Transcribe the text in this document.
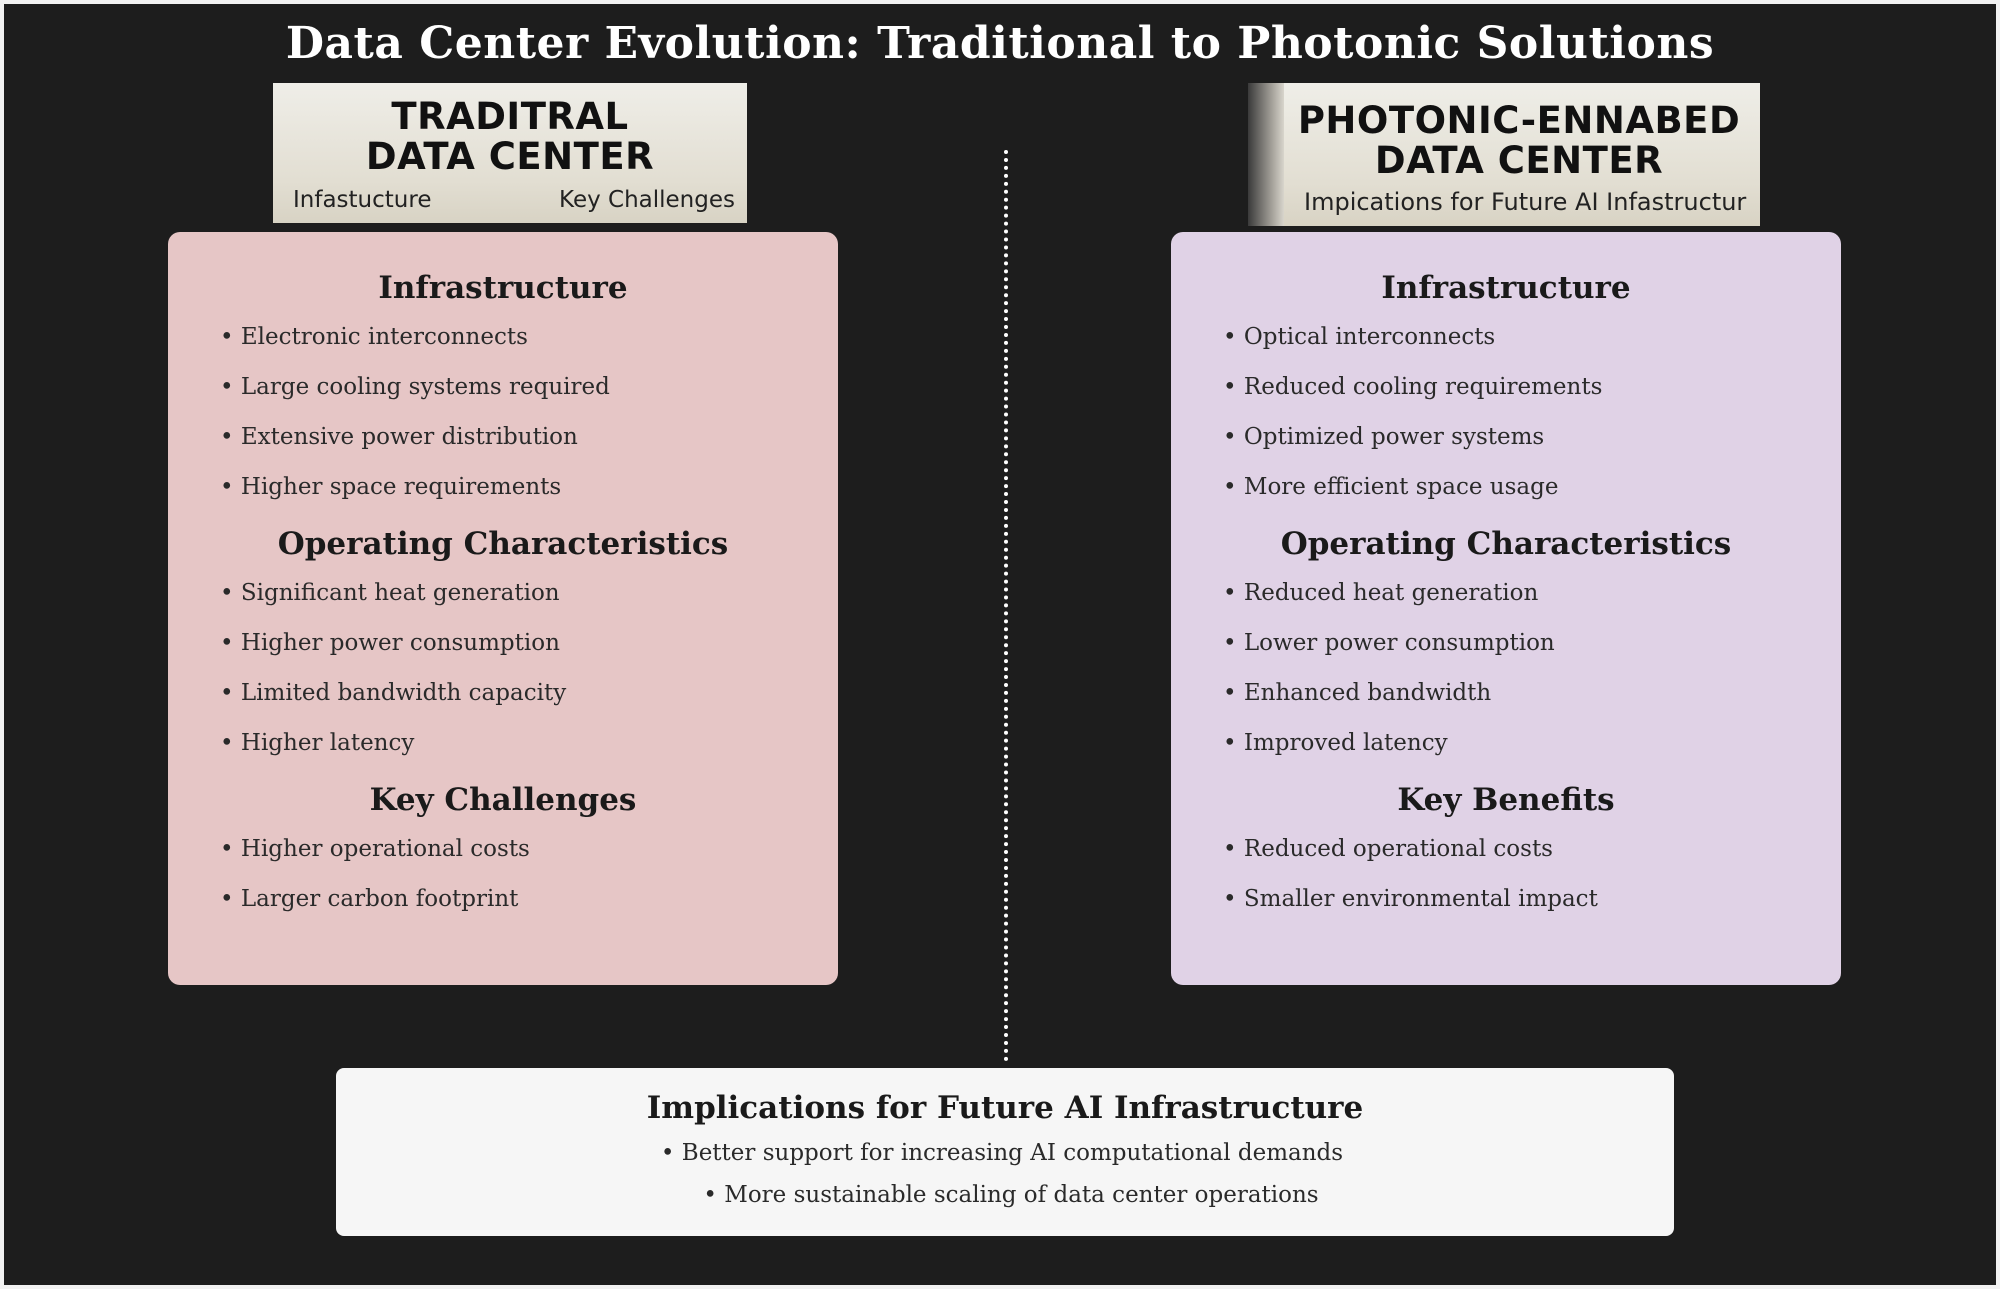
Data Center Evolution: Traditional to Photonic Solutions
TRADITRAL
DATA CENTER
Infastucture	Key Challenges
PHOTONIC-ENNABED
DATA CENTER
Impications for Future AI Infastructur
Infrastructure
• Electronic interconnects
• Large cooling systems required
• Extensive power distribution
• Higher space requirements
Operating Characteristics
• Significant heat generation
• Higher power consumption
• Limited bandwidth capacity
• Higher latency
Key Challenges
• Higher operational costs
• Larger carbon footprint
Infrastructure
• Optical interconnects
• Reduced cooling requirements
• Optimized power systems
• More efficient space usage
Operating Characteristics
• Reduced heat generation
• Lower power consumption
• Enhanced bandwidth
• Improved latency
Key Benefits
• Reduced operational costs
• Smaller environmental impact
Implications for Future AI Infrastructure
• Better support for increasing AI computational demands
• More sustainable scaling of data center operations
